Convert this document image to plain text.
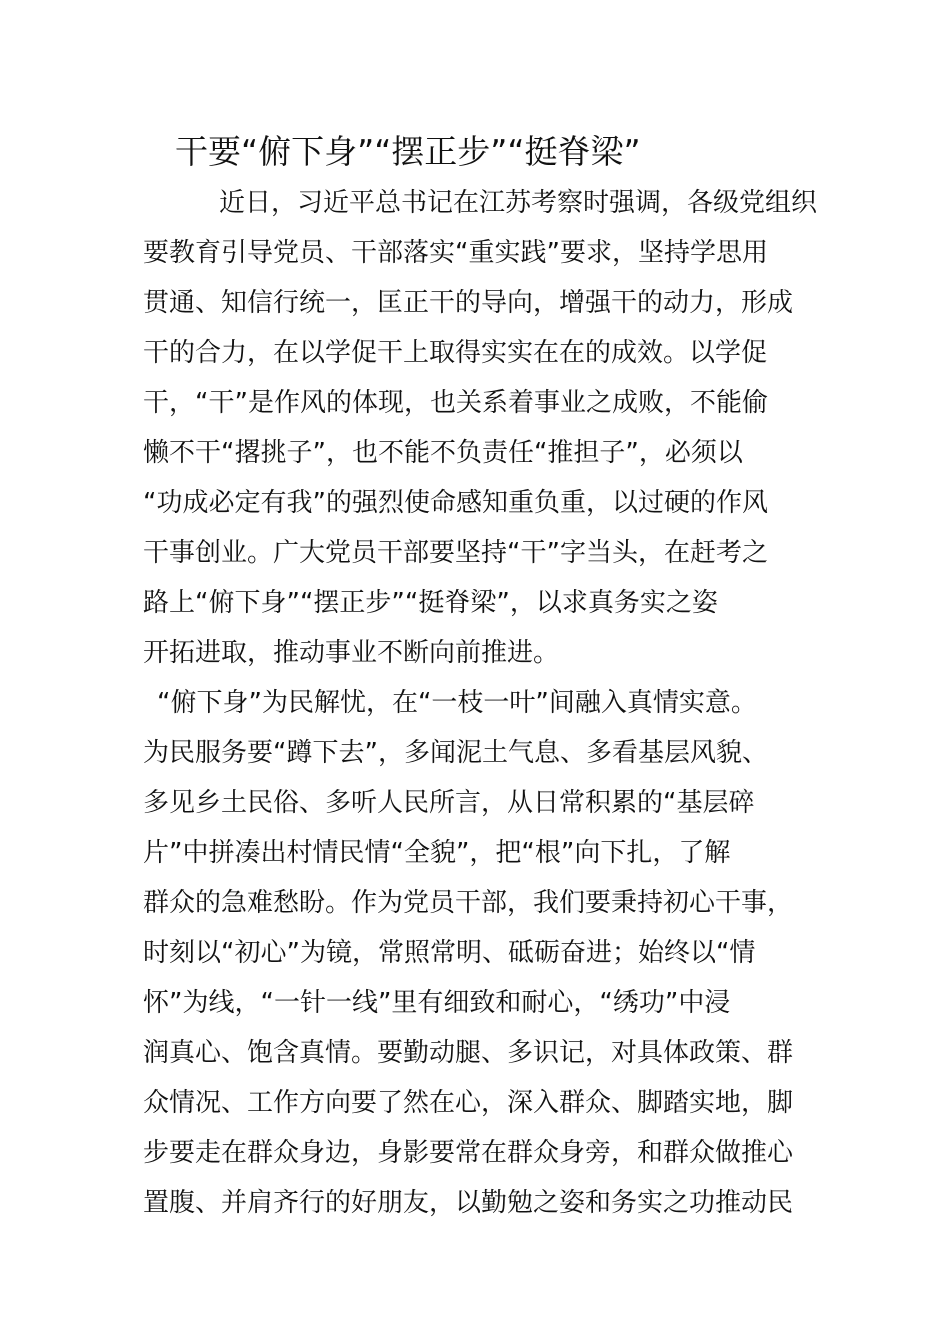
干要“俯下身”“摆正步”“挺脊梁”
近日，习近平总书记在江苏考察时强调，各级党组织
要教育引导党员、干部落实“重实践”要求，坚持学思用
贯通、知信行统一，匡正干的导向，增强干的动力，形成
干的合力，在以学促干上取得实实在在的成效。以学促
干，“干”是作风的体现，也关系着事业之成败，不能偷
懒不干“撂挑子”，也不能不负责任“推担子”，必须以
“功成必定有我”的强烈使命感知重负重，以过硬的作风
干事创业。广大党员干部要坚持“干”字当头，在赶考之
路上“俯下身”“摆正步”“挺脊梁”，以求真务实之姿
开拓进取，推动事业不断向前推进。
“俯下身”为民解忧，在“一枝一叶”间融入真情实意。
为民服务要“蹲下去”，多闻泥土气息、多看基层风貌、
多见乡土民俗、多听人民所言，从日常积累的“基层碎
片”中拼凑出村情民情“全貌”，把“根”向下扎，了解
群众的急难愁盼。作为党员干部，我们要秉持初心干事，
时刻以“初心”为镜，常照常明、砥砺奋进；始终以“情
怀”为线，“一针一线”里有细致和耐心，“绣功”中浸
润真心、饱含真情。要勤动腿、多识记，对具体政策、群
众情况、工作方向要了然在心，深入群众、脚踏实地，脚
步要走在群众身边，身影要常在群众身旁，和群众做推心
置腹、并肩齐行的好朋友，以勤勉之姿和务实之功推动民
